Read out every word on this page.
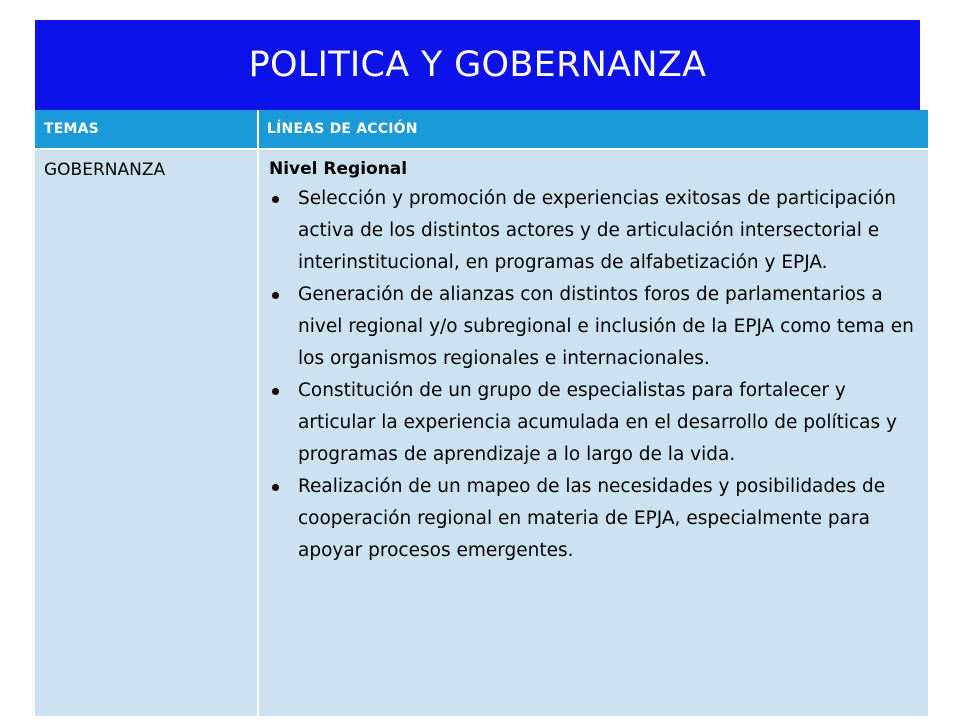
POLITICA Y GOBERNANZA
TEMAS	LÍNEAS DE ACCIÓN
GOBERNANZA	Nivel Regional
Selección y promoción de experiencias exitosas de participación activa de los distintos actores y de articulación intersectorial e interinstitucional, en programas de alfabetización y EPJA.
Generación de alianzas con distintos foros de parlamentarios a nivel regional y/o subregional e inclusión de la EPJA como tema en los organismos regionales e internacionales.
Constitución de un grupo de especialistas para fortalecer y articular la experiencia acumulada en el desarrollo de políticas y programas de aprendizaje a lo largo de la vida.
Realización de un mapeo de las necesidades y posibilidades de cooperación regional en materia de EPJA, especialmente para apoyar procesos emergentes.
